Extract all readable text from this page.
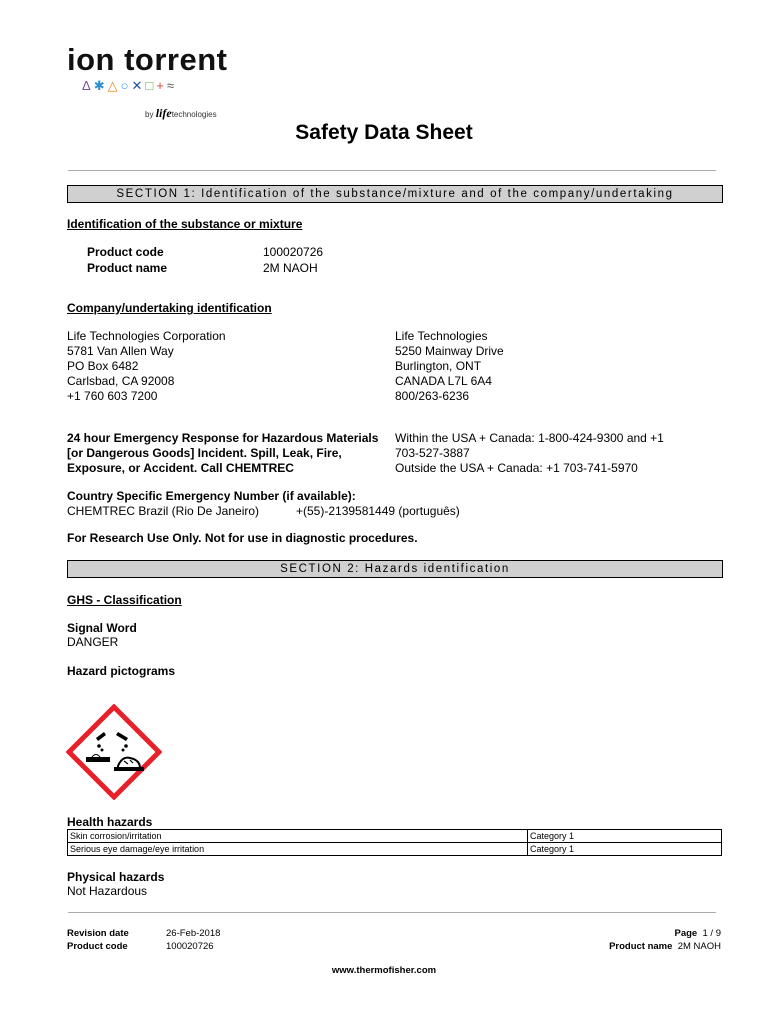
ion torrent
Δ✱△○✕□+≈
by lifetechnologies
Safety Data Sheet
SECTION 1: Identification of the substance/mixture and of the company/undertaking
Identification of the substance or mixture
Product code	100020726
Product name	2M NAOH
Company/undertaking identification
Life Technologies Corporation
5781 Van Allen Way
PO Box 6482
Carlsbad, CA 92008
+1 760 603 7200
Life Technologies
5250 Mainway Drive
Burlington, ONT
CANADA L7L 6A4
800/263-6236
24 hour Emergency Response for Hazardous Materials
[or Dangerous Goods] Incident. Spill, Leak, Fire,
Exposure, or Accident. Call CHEMTREC
Within the USA + Canada: 1-800-424-9300 and +1
703-527-3887
Outside the USA + Canada: +1 703-741-5970
Country Specific Emergency Number (if available):
CHEMTREC Brazil (Rio De Janeiro)	+(55)-2139581449 (português)
For Research Use Only. Not for use in diagnostic procedures.
SECTION 2: Hazards identification
GHS - Classification
Signal Word
DANGER
Hazard pictograms
Health hazards
Skin corrosion/irritation	Category 1
Serious eye damage/eye irritation	Category 1
Physical hazards
Not Hazardous
Revision date	26-Feb-2018
Product code	100020726
Page 1 / 9
Product name 2M NAOH
www.thermofisher.com
